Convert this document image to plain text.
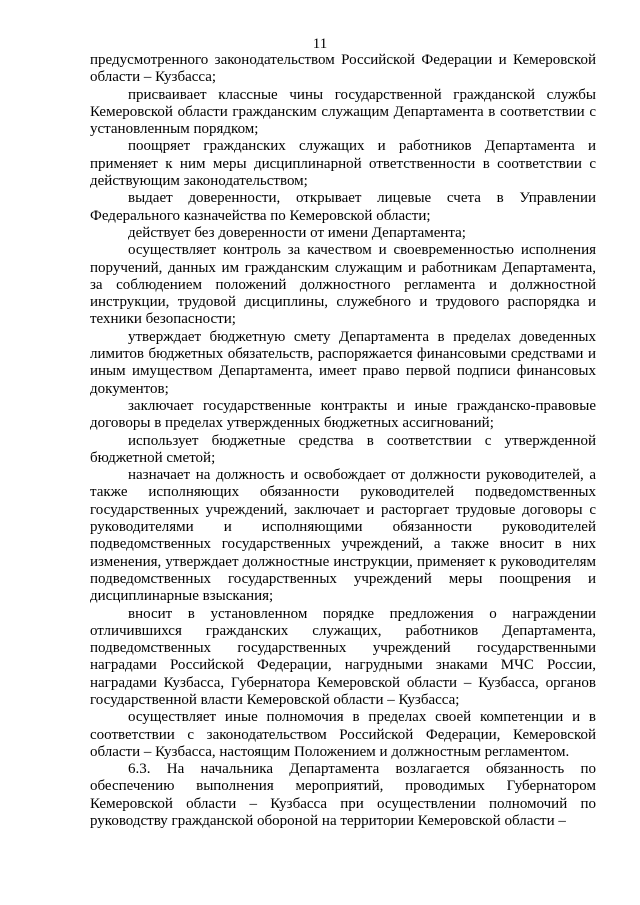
11

предусмотренного законодательством Российской Федерации и Кемеровской области – Кузбасса;

присваивает классные чины государственной гражданской службы Кемеровской области гражданским служащим Департамента в соответствии с установленным порядком;

поощряет гражданских служащих и работников Департамента и применяет к ним меры дисциплинарной ответственности в соответствии с действующим законодательством;

выдает доверенности, открывает лицевые счета в Управлении Федерального казначейства по Кемеровской области;

действует без доверенности от имени Департамента;

осуществляет контроль за качеством и своевременностью исполнения поручений, данных им гражданским служащим и работникам Департамента, за соблюдением положений должностного регламента и должностной инструкции, трудовой дисциплины, служебного и трудового распорядка и техники безопасности;

утверждает бюджетную смету Департамента в пределах доведенных лимитов бюджетных обязательств, распоряжается финансовыми средствами и иным имуществом Департамента, имеет право первой подписи финансовых документов;

заключает государственные контракты и иные гражданско-правовые договоры в пределах утвержденных бюджетных ассигнований;

использует бюджетные средства в соответствии с утвержденной бюджетной сметой;

назначает на должность и освобождает от должности руководителей, а также исполняющих обязанности руководителей подведомственных государственных учреждений, заключает и расторгает трудовые договоры с руководителями и исполняющими обязанности руководителей подведомственных государственных учреждений, а также вносит в них изменения, утверждает должностные инструкции, применяет к руководителям подведомственных государственных учреждений меры поощрения и дисциплинарные взыскания;

вносит в установленном порядке предложения о награждении отличившихся гражданских служащих, работников Департамента, подведомственных государственных учреждений государственными наградами Российской Федерации, нагрудными знаками МЧС России, наградами Кузбасса, Губернатора Кемеровской области – Кузбасса, органов государственной власти Кемеровской области – Кузбасса;

осуществляет иные полномочия в пределах своей компетенции и в соответствии с законодательством Российской Федерации, Кемеровской области – Кузбасса, настоящим Положением и должностным регламентом.

6.3. На начальника Департамента возлагается обязанность по обеспечению выполнения мероприятий, проводимых Губернатором Кемеровской области – Кузбасса при осуществлении полномочий по руководству гражданской обороной на территории Кемеровской области –
